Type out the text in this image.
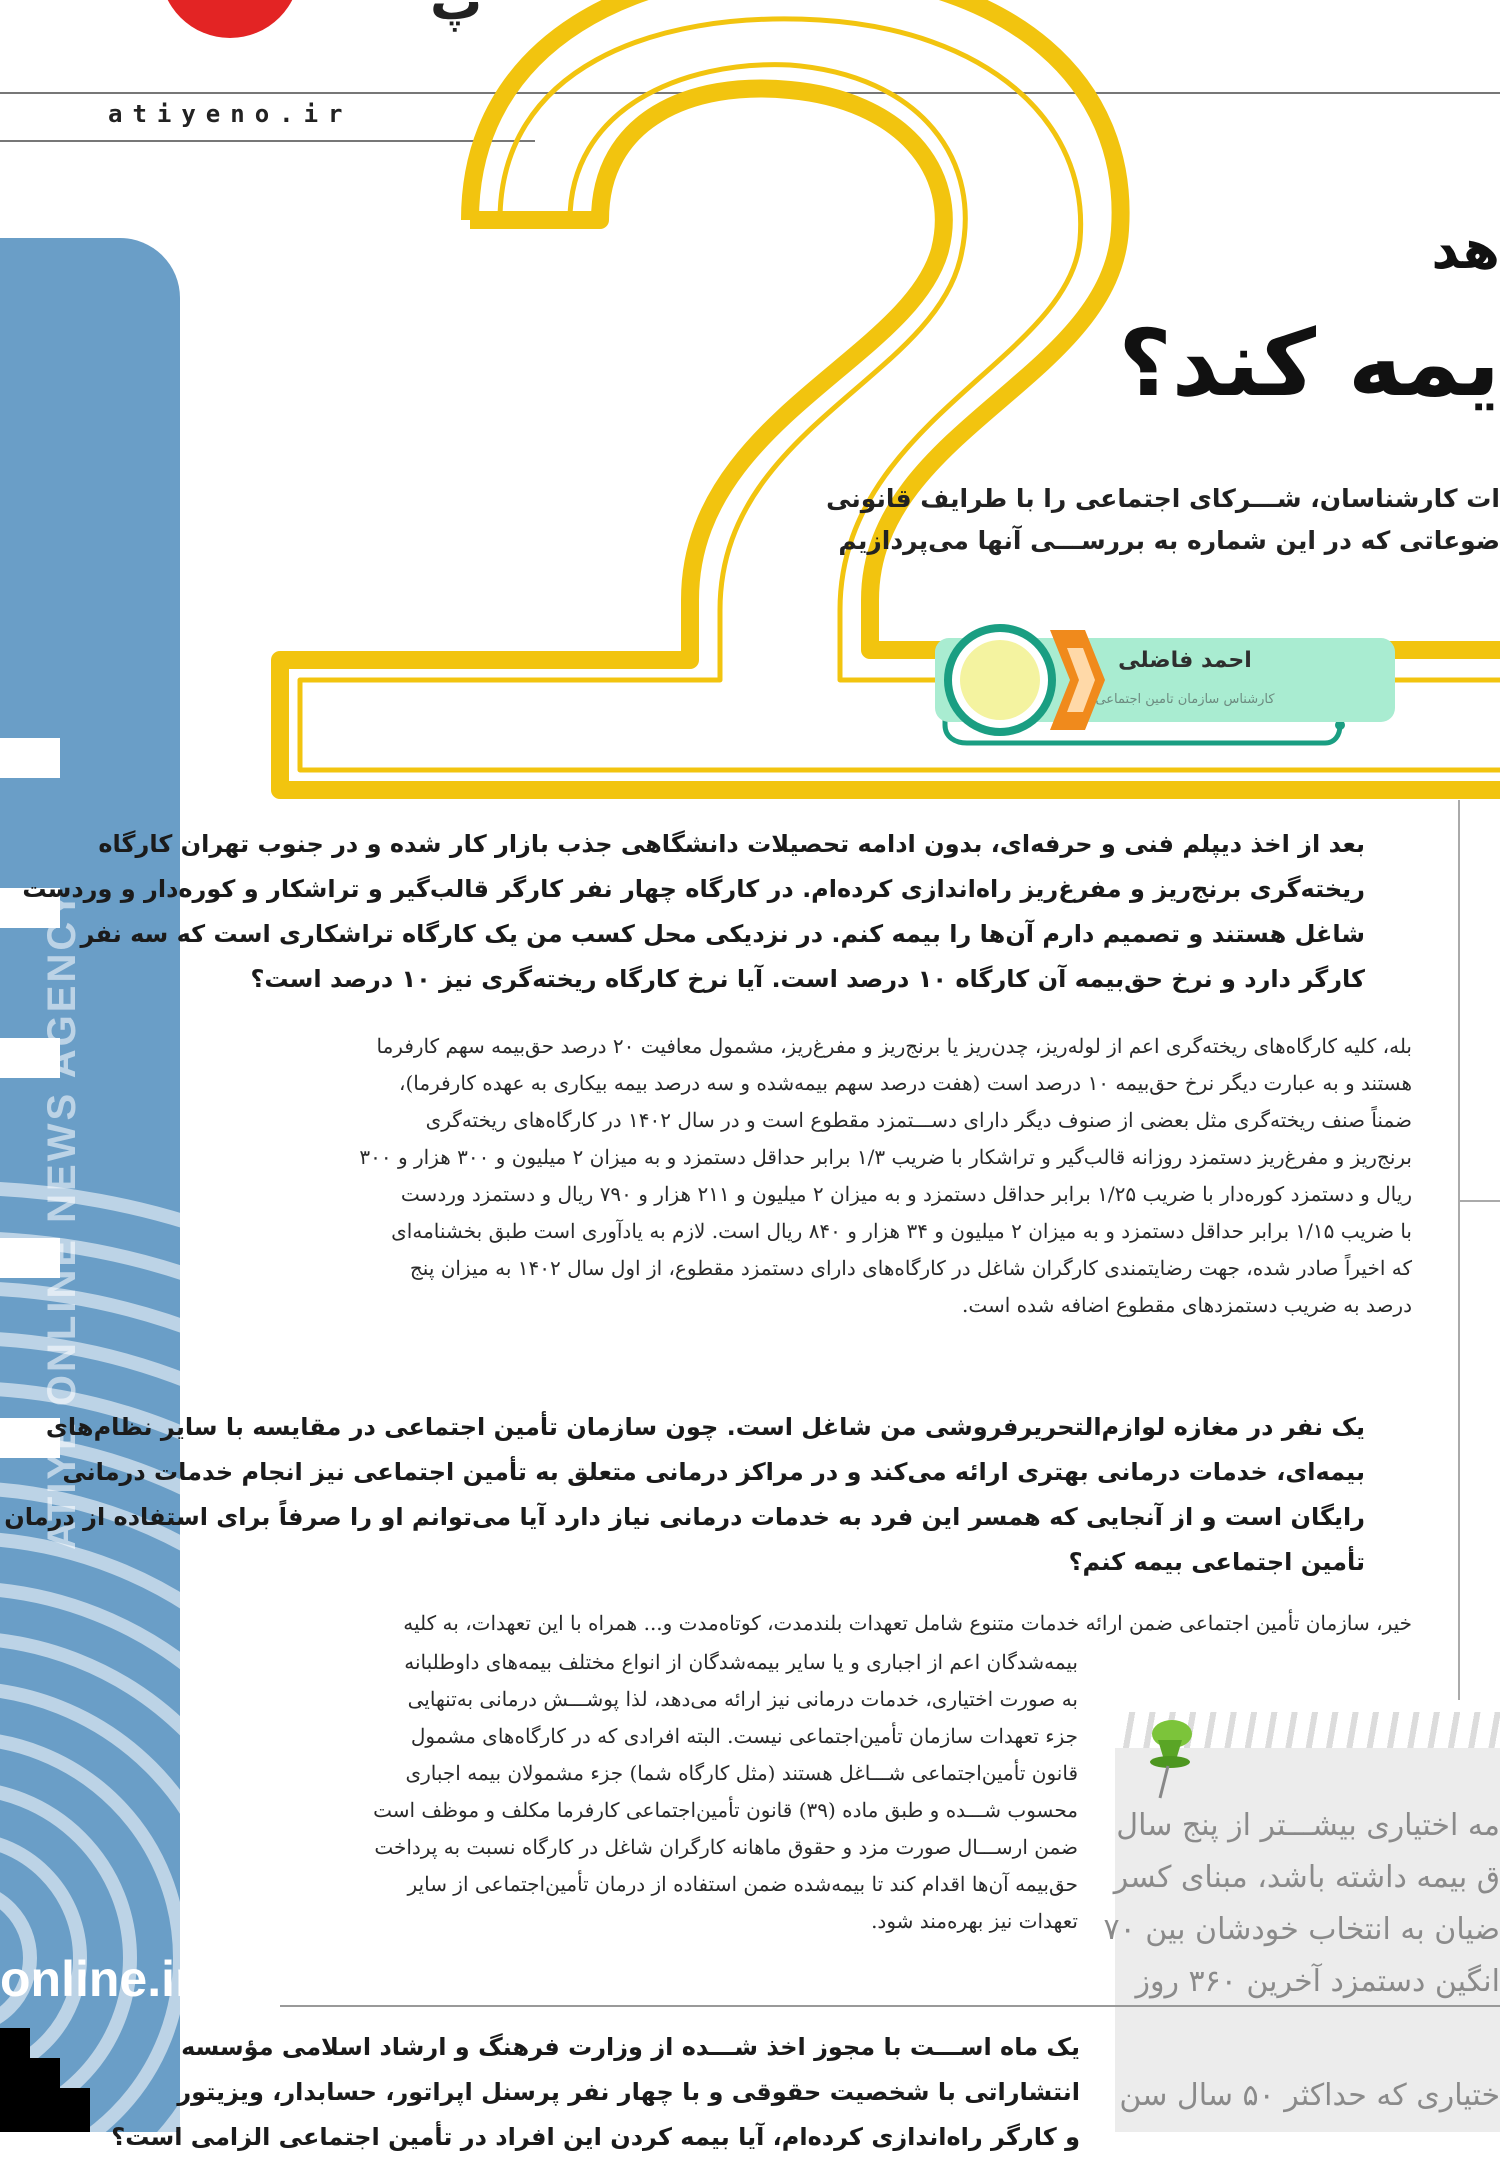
پ
atiyeno.ir
ATIYE ONLINE NEWS AGENCY
online.ir
هد
یمه کند؟
ات کارشناسان، شـــرکای اجتماعی را با طرایف قانونی
ضوعاتی که در این شماره به بررســـی آنها می‌پردازیم
احمد فاضلی
کارشناس سازمان تامین اجتماعی
بعد از اخذ دیپلم فنی و حرفه‌ای، بدون ادامه تحصیلات دانشگاهی جذب بازار کار شده و در جنوب تهران کارگاه
ریخته‌گری برنج‌ریز و مفرغ‌ریز راه‌اندازی کرده‌ام. در کارگاه چهار نفر کارگر قالب‌گیر و تراشکار و کوره‌دار و وردست
شاغل هستند و تصمیم دارم آن‌ها را بیمه کنم. در نزدیکی محل کسب من یک کارگاه تراشکاری است که سه نفر
کارگر دارد و نرخ حق‌بیمه آن کارگاه ۱۰ درصد است. آیا نرخ کارگاه ریخته‌گری نیز ۱۰ درصد است؟
بله، کلیه کارگاه‌های ریخته‌گری اعم از لوله‌ریز، چدن‌ریز یا برنج‌ریز و مفرغ‌ریز، مشمول معافیت ۲۰ درصد حق‌بیمه سهم کارفرما
هستند و به عبارت دیگر نرخ حق‌بیمه ۱۰ درصد است (هفت درصد سهم بیمه‌شده و سه درصد بیمه بیکاری به عهده کارفرما)،
ضمناً صنف ریخته‌گری مثل بعضی از صنوف دیگر دارای دســـتمزد مقطوع است و در سال ۱۴۰۲ در کارگاه‌های ریخته‌گری
برنج‌ریز و مفرغ‌ریز دستمزد روزانه قالب‌گیر و تراشکار با ضریب ۱/۳ برابر حداقل دستمزد و به میزان ۲ میلیون و ۳۰۰ هزار و ۳۰۰
ریال و دستمزد کوره‌دار با ضریب ۱/۲۵ برابر حداقل دستمزد و به میزان ۲ میلیون و ۲۱۱ هزار و ۷۹۰ ریال و دستمزد وردست
با ضریب ۱/۱۵ برابر حداقل دستمزد و به میزان ۲ میلیون و ۳۴ هزار و ۸۴۰ ریال است. لازم به یادآوری است طبق بخشنامه‌ای
که اخیراً صادر شده، جهت رضایتمندی کارگران شاغل در کارگاه‌های دارای دستمزد مقطوع، از اول سال ۱۴۰۲ به میزان پنج
درصد به ضریب دستمزدهای مقطوع اضافه شده است.
یک نفر در مغازه لوازم‌التحریرفروشی من شاغل است. چون سازمان تأمین اجتماعی در مقایسه با سایر نظام‌های
بیمه‌ای، خدمات درمانی بهتری ارائه می‌کند و در مراکز درمانی متعلق به تأمین اجتماعی نیز انجام خدمات درمانی
رایگان است و از آنجایی که همسر این فرد به خدمات درمانی نیاز دارد آیا می‌توانم او را صرفاً برای استفاده از درمان
تأمین اجتماعی بیمه کنم؟
خیر، سازمان تأمین اجتماعی ضمن ارائه خدمات متنوع شامل تعهدات بلندمدت، کوتاه‌مدت و... همراه با این تعهدات، به کلیه
بیمه‌شدگان اعم از اجباری و یا سایر بیمه‌شدگان از انواع مختلف بیمه‌های داوطلبانه
به صورت اختیاری، خدمات درمانی نیز ارائه می‌دهد، لذا پوشـــش درمانی به‌تنهایی
جزء تعهدات سازمان تأمین‌اجتماعی نیست. البته افرادی که در کارگاه‌های مشمول
قانون تأمین‌اجتماعی شـــاغل هستند (مثل کارگاه شما) جزء مشمولان بیمه اجباری
محسوب شـــده و طبق ماده (۳۹) قانون تأمین‌اجتماعی کارفرما مکلف و موظف است
ضمن ارســـال صورت مزد و حقوق ماهانه کارگران شاغل در کارگاه نسبت به پرداخت
حق‌بیمه آن‌ها اقدام کند تا بیمه‌شده ضمن استفاده از درمان تأمین‌اجتماعی از سایر
تعهدات نیز بهره‌مند شود.
مه اختیاری بیشـــتر از پنج سال
ق بیمه داشته باشد، مبنای کسر
ضیان به انتخاب خودشان بین ۷۰
انگین دستمزد آخرین ۳۶۰ روز
ختیاری که حداکثر ۵۰ سال سن
یک ماه اســـت با مجوز اخذ شـــده از وزارت فرهنگ و ارشاد اسلامی مؤسسه
انتشاراتی با شخصیت حقوقی و با چهار نفر پرسنل اپراتور، حسابدار، ویزیتور
و کارگر راه‌اندازی کرده‌ام، آیا بیمه کردن این افراد در تأمین اجتماعی الزامی است؟
